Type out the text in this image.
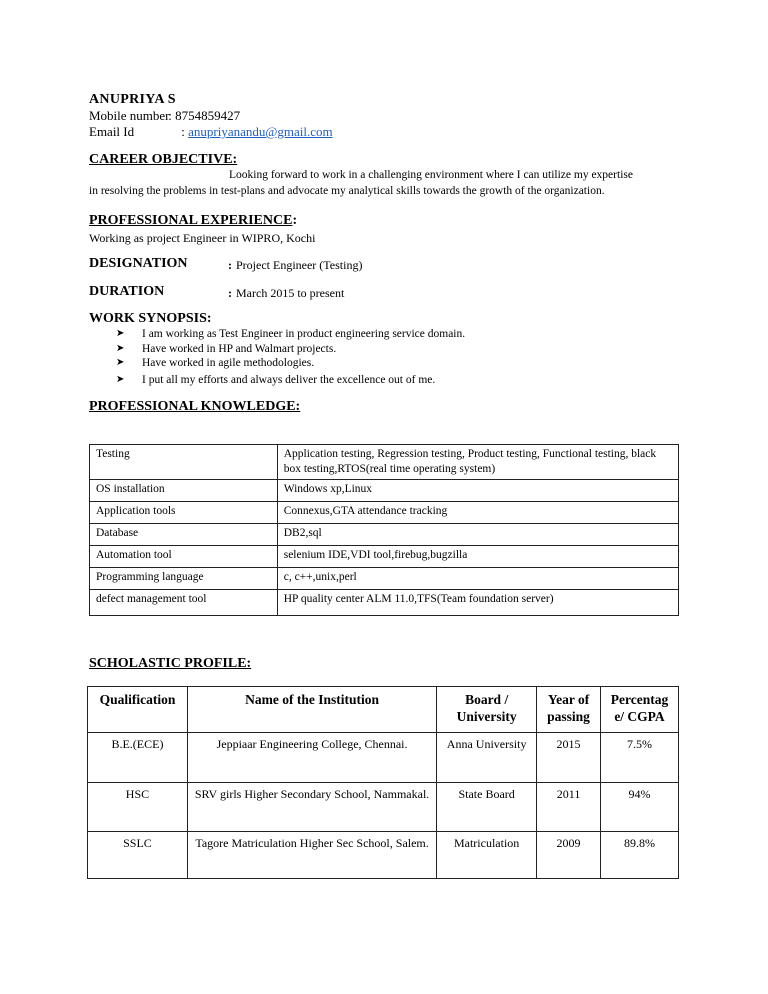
ANUPRIYA S
Mobile number : 8754859427
Email Id	: anupriyanandu@gmail.com
CAREER OBJECTIVE:
Looking forward to work in a challenging environment where I can utilize my expertise
in resolving the problems in test-plans and advocate my analytical skills towards the growth of the organization.
PROFESSIONAL EXPERIENCE:
Working as project Engineer in WIPRO, Kochi
DESIGNATION	: Project Engineer (Testing)
DURATION	: March 2015 to present
WORK SYNOPSIS:
➤ I am working as Test Engineer in product engineering service domain.
➤ Have worked in HP and Walmart projects.
➤ Have worked in agile methodologies.
➤ I put all my efforts and always deliver the excellence out of me.
PROFESSIONAL KNOWLEDGE:
Testing	Application testing, Regression testing, Product testing, Functional testing, black box testing,RTOS(real time operating system)
OS installation	Windows xp,Linux
Application tools	Connexus,GTA attendance tracking
Database	DB2,sql
Automation tool	selenium IDE,VDI tool,firebug,bugzilla
Programming language	c, c++,unix,perl
defect management tool	HP quality center ALM 11.0,TFS(Team foundation server)
SCHOLASTIC PROFILE:
Qualification	Name of the Institution	Board / University	Year of passing	Percentag e/ CGPA
B.E.(ECE)	Jeppiaar Engineering College, Chennai.	Anna University	2015	7.5%
HSC	SRV girls Higher Secondary School, Nammakal.	State Board	2011	94%
SSLC	Tagore Matriculation Higher Sec School, Salem.	Matriculation	2009	89.8%
